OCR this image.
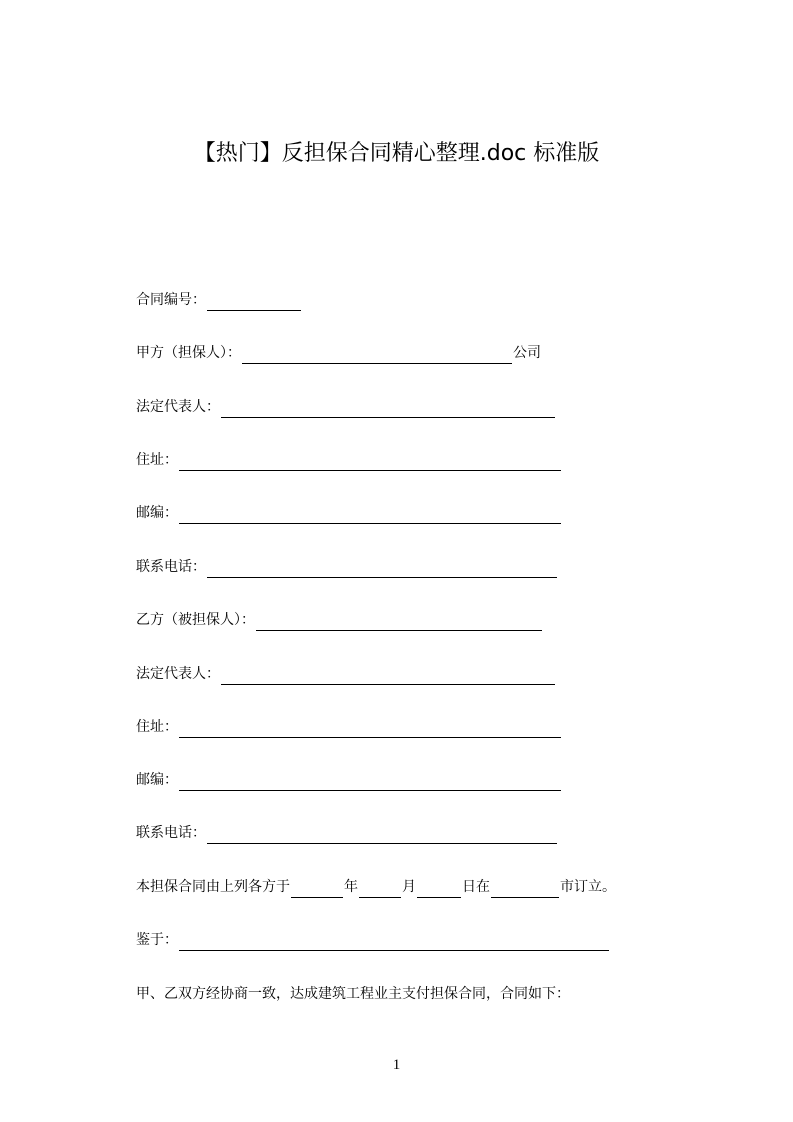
【热门】反担保合同精心整理.doc 标准版
合同编号：
甲方（担保人）：	公司
法定代表人：
住址：
邮编：
联系电话：
乙方（被担保人）：
法定代表人：
住址：
邮编：
联系电话：
本担保合同由上列各方于	年	月	日在	市订立。
鉴于：
甲、乙双方经协商一致，达成建筑工程业主支付担保合同，合同如下：
1
